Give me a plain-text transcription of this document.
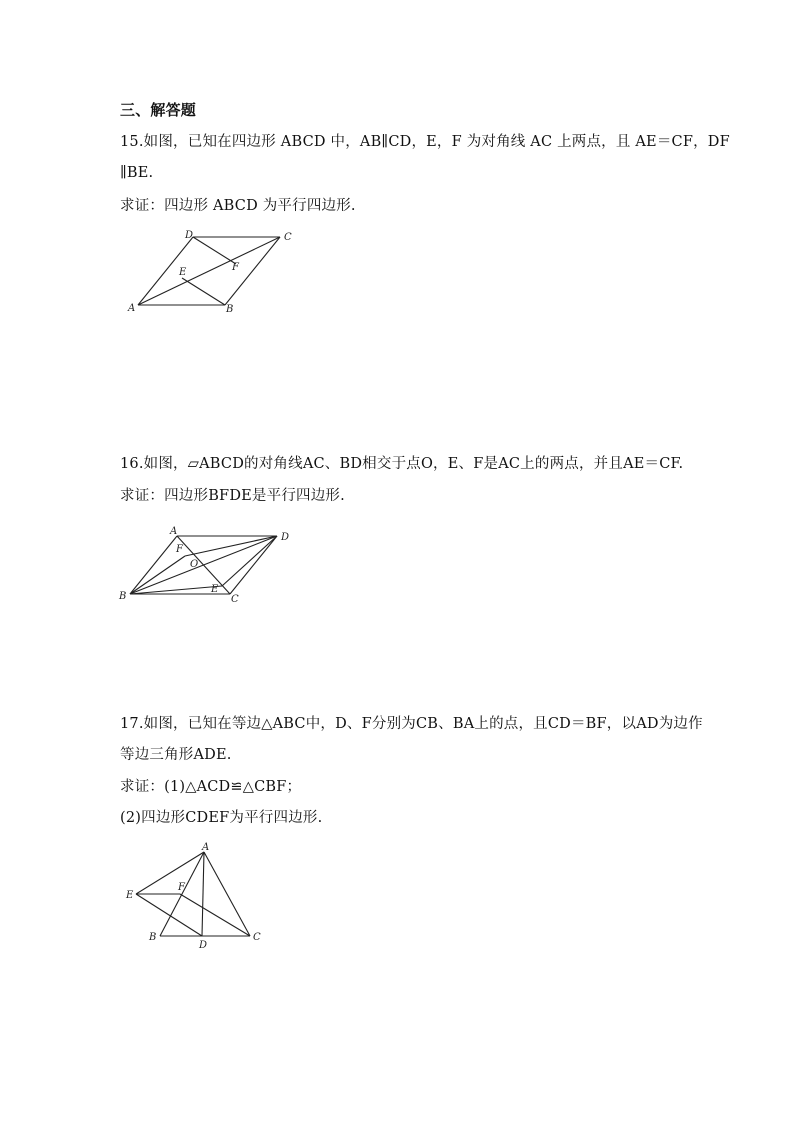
三、解答题
15.如图，已知在四边形 ABCD 中，AB∥CD，E，F 为对角线 AC 上两点，且 AE＝CF，DF
∥BE.
求证：四边形 ABCD 为平行四边形.
D	C
F
E
A	B
16.如图，▱ABCD的对角线AC、BD相交于点O，E、F是AC上的两点，并且AE＝CF.
求证：四边形BFDE是平行四边形.
A
D
F
O
B
E
C
17.如图，已知在等边△ABC中，D、F分别为CB、BA上的点，且CD＝BF，以AD为边作
等边三角形ADE.
求证：(1)△ACD≌△CBF；
(2)四边形CDEF为平行四边形.
A
E
F
B
D
C
